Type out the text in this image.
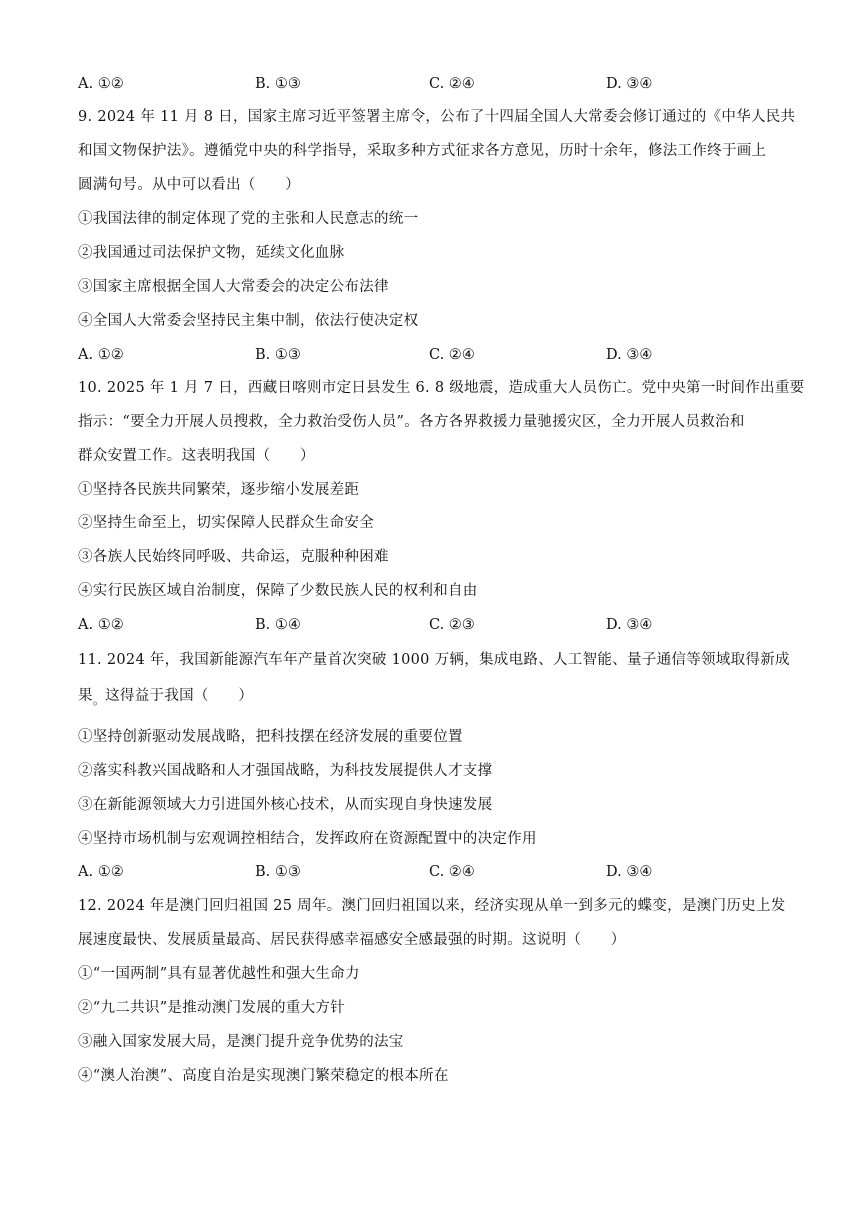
A. ①②	B. ①③	C. ②④	D. ③④
9. 2024 年 11 月 8 日，国家主席习近平签署主席令，公布了十四届全国人大常委会修订通过的《中华人民共
和国文物保护法》。遵循党中央的科学指导，采取多种方式征求各方意见，历时十余年，修法工作终于画上
圆满句号。从中可以看出（　　）
①我国法律的制定体现了党的主张和人民意志的统一
②我国通过司法保护文物，延续文化血脉
③国家主席根据全国人大常委会的决定公布法律
④全国人大常委会坚持民主集中制，依法行使决定权
A. ①②	B. ①③	C. ②④	D. ③④
10. 2025 年 1 月 7 日，西藏日喀则市定日县发生 6. 8 级地震，造成重大人员伤亡。党中央第一时间作出重要
指示：“要全力开展人员搜救，全力救治受伤人员”。各方各界救援力量驰援灾区，全力开展人员救治和
群众安置工作。这表明我国（　　）
①坚持各民族共同繁荣，逐步缩小发展差距
②坚持生命至上，切实保障人民群众生命安全
③各族人民始终同呼吸、共命运，克服种种困难
④实行民族区域自治制度，保障了少数民族人民的权利和自由
A. ①②	B. ①④	C. ②③	D. ③④
11. 2024 年，我国新能源汽车年产量首次突破 1000 万辆，集成电路、人工智能、量子通信等领域取得新成
果$_。$这得益于我国（　　）
①坚持创新驱动发展战略，把科技摆在经济发展的重要位置
②落实科教兴国战略和人才强国战略，为科技发展提供人才支撑
③在新能源领域大力引进国外核心技术，从而实现自身快速发展
④坚持市场机制与宏观调控相结合，发挥政府在资源配置中的决定作用
A. ①②	B. ①③	C. ②④	D. ③④
12. 2024 年是澳门回归祖国 25 周年。澳门回归祖国以来，经济实现从单一到多元的蝶变，是澳门历史上发
展速度最快、发展质量最高、居民获得感幸福感安全感最强的时期。这说明（　　）
①“一国两制”具有显著优越性和强大生命力
②“九二共识”是推动澳门发展的重大方针
③融入国家发展大局，是澳门提升竞争优势的法宝
④“澳人治澳”、高度自治是实现澳门繁荣稳定的根本所在
